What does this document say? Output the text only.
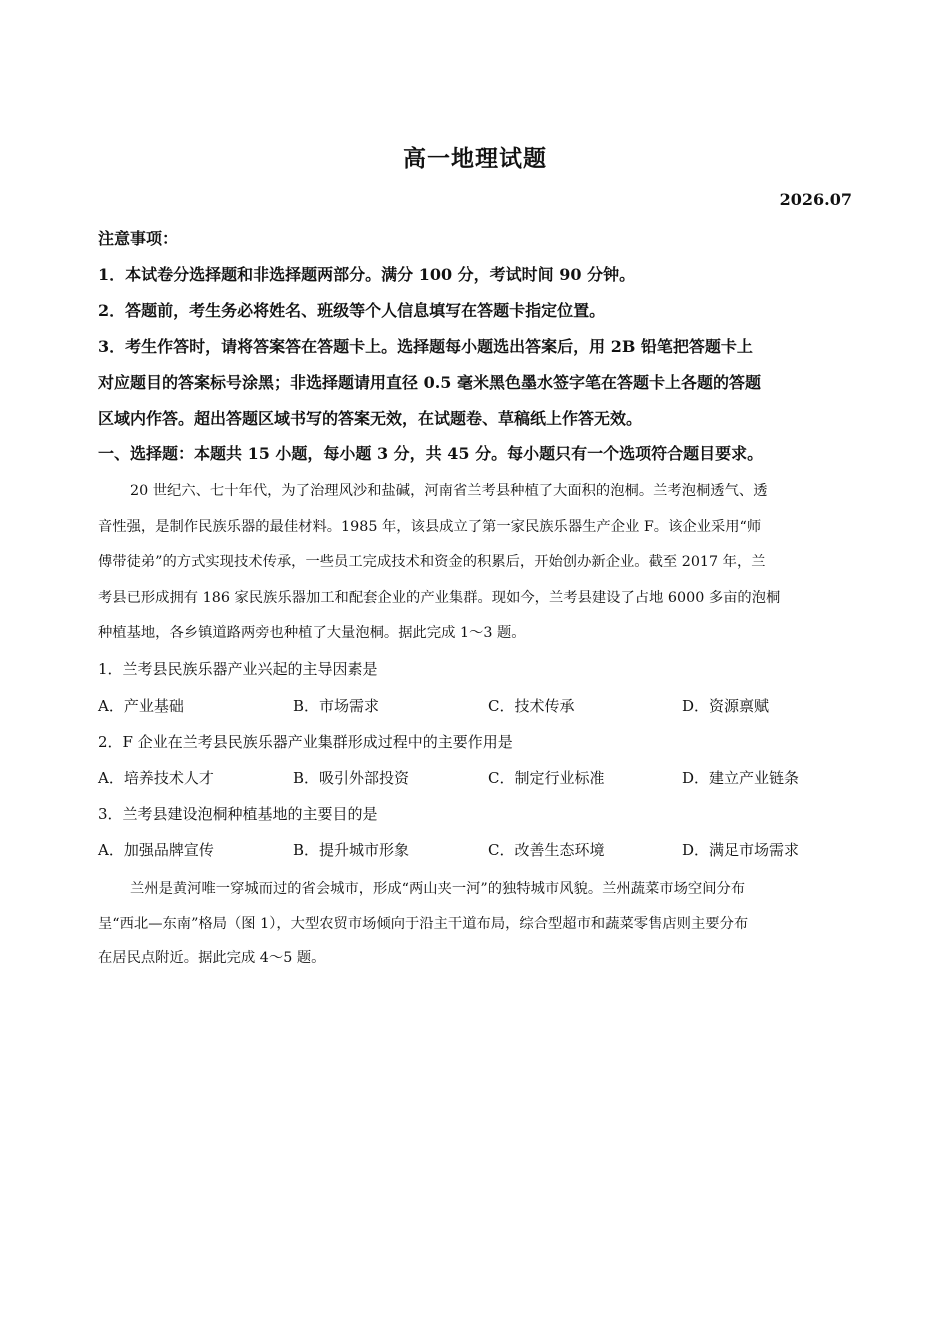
高一地理试题
2026.07
注意事项：
1．本试卷分选择题和非选择题两部分。满分 100 分，考试时间 90 分钟。
2．答题前，考生务必将姓名、班级等个人信息填写在答题卡指定位置。
3．考生作答时，请将答案答在答题卡上。选择题每小题选出答案后，用 2B 铅笔把答题卡上
对应题目的答案标号涂黑；非选择题请用直径 0.5 毫米黑色墨水签字笔在答题卡上各题的答题
区域内作答。超出答题区域书写的答案无效，在试题卷、草稿纸上作答无效。
一、选择题：本题共 15 小题，每小题 3 分，共 45 分。每小题只有一个选项符合题目要求。
20 世纪六、七十年代，为了治理风沙和盐碱，河南省兰考县种植了大面积的泡桐。兰考泡桐透气、透
音性强，是制作民族乐器的最佳材料。1985 年，该县成立了第一家民族乐器生产企业 F。该企业采用“师
傅带徒弟”的方式实现技术传承，一些员工完成技术和资金的积累后，开始创办新企业。截至 2017 年，兰
考县已形成拥有 186 家民族乐器加工和配套企业的产业集群。现如今，兰考县建设了占地 6000 多亩的泡桐
种植基地，各乡镇道路两旁也种植了大量泡桐。据此完成 1～3 题。
1．兰考县民族乐器产业兴起的主导因素是
A．产业基础	B．市场需求	C．技术传承	D．资源禀赋
2．F 企业在兰考县民族乐器产业集群形成过程中的主要作用是
A．培养技术人才	B．吸引外部投资	C．制定行业标准	D．建立产业链条
3．兰考县建设泡桐种植基地的主要目的是
A．加强品牌宣传	B．提升城市形象	C．改善生态环境	D．满足市场需求
兰州是黄河唯一穿城而过的省会城市，形成“两山夹一河”的独特城市风貌。兰州蔬菜市场空间分布
呈“西北—东南”格局（图 1），大型农贸市场倾向于沿主干道布局，综合型超市和蔬菜零售店则主要分布
在居民点附近。据此完成 4～5 题。
